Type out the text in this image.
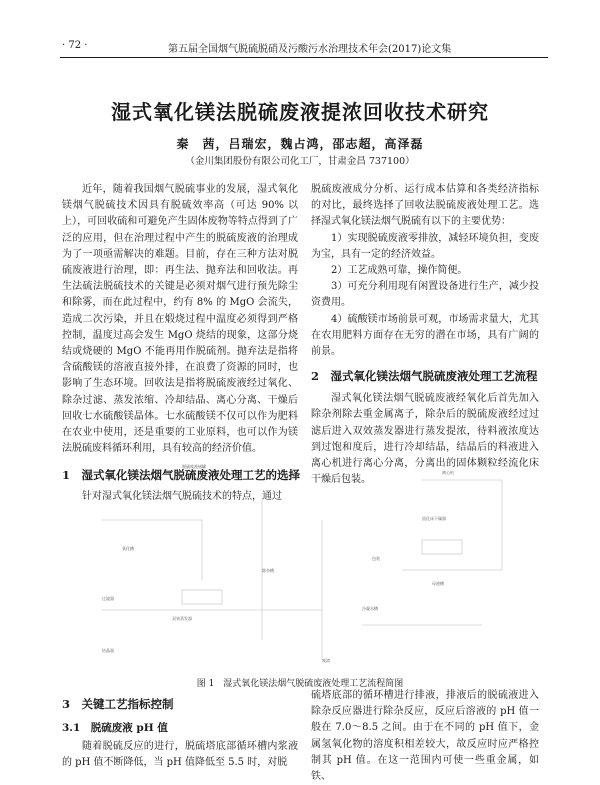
· 72 ·	第五届全国烟气脱硫脱硝及污酸污水治理技术年会(2017)论文集
湿式氧化镁法脱硫废液提浓回收技术研究
秦　茜，吕瑞宏，魏占鸿，邵志超，高泽磊
（金川集团股份有限公司化工厂，甘肃金昌 737100）

近年，随着我国烟气脱硫事业的发展，湿式氧化镁烟气脱硫技术因具有脱硫效率高（可达 90% 以上），可回收硫和可避免产生固体废物等特点得到了广泛的应用，但在治理过程中产生的脱硫废液的治理成为了一项亟需解决的难题。目前，存在三种方法对脱硫废液进行治理，即：再生法、抛弃法和回收法。再生法硫法脱硫技术的关键是必须对烟气进行预先除尘和除雾，而在此过程中，约有 8% 的 MgO 会流失，造成二次污染，并且在煅烧过程中温度必须得到严格控制，温度过高会发生 MgO 烧结的现象，这部分烧结或烧硬的 MgO 不能再用作脱硫剂。抛弃法是指将含硫酸镁的溶液直接外排，在浪费了资源的同时，也影响了生态环境。回收法是指将脱硫废液经过氧化、除杂过滤、蒸发浓缩、冷却结晶、离心分离、干燥后回收七水硫酸镁晶体。七水硫酸镁不仅可以作为肥料在农业中使用，还是重要的工业原料，也可以作为镁法脱硫废料循环利用，具有较高的经济价值。

1　湿式氧化镁法烟气脱硫废液处理工艺的选择

针对湿式氧化镁法烟气脱硫技术的特点，通过

脱硫废液成分分析、运行成本估算和各类经济指标的对比，最终选择了回收法脱硫废液处理工艺。选择湿式氧化镁法烟气脱硫有以下的主要优势：

1）实现脱硫废液零排放，减轻环境负担，变废为宝，具有一定的经济效益。

2）工艺成熟可靠，操作简便。

3）可充分利用现有闲置设备进行生产，减少投资费用。

4）硫酸镁市场前景可观，市场需求量大，尤其在农用肥料方面存在无穷的潜在市场，具有广阔的前景。

2　湿式氧化镁法烟气脱硫废液处理工艺流程

湿式氧化镁法烟气脱硫废液经氧化后首先加入除杂剂除去重金属离子，除杂后的脱硫废液经过过滤后进入双效蒸发器进行蒸发提浓，待料液浓度达到过饱和度后，进行冷却结晶，结晶后的料液进入离心机进行离心分离，分离出的固体颗粒经流化床干燥后包装。

脱硫废液储罐
氧化槽
除杂槽
过滤器
双效蒸发器
结晶器
离心机
流化床干燥器
包装
母液槽
冷凝水槽
废渣
图 1　湿式氧化镁法烟气脱硫废液处理工艺流程简图
3　关键工艺指标控制
3.1　脱硫废液 pH 值

随着脱硫反应的进行，脱硫塔底部循环槽内浆液的 pH 值不断降低，当 pH 值降低至 5.5 时，对脱

硫塔底部的循环槽进行排液，排液后的脱硫液进入除杂反应器进行除杂反应，反应后溶液的 pH 值一般在 7.0～8.5 之间。由于在不同的 pH 值下，金属氢氧化物的溶度积相差较大，故反应时应严格控制其 pH 值。在这一范围内可使一些重金属，如铁、
